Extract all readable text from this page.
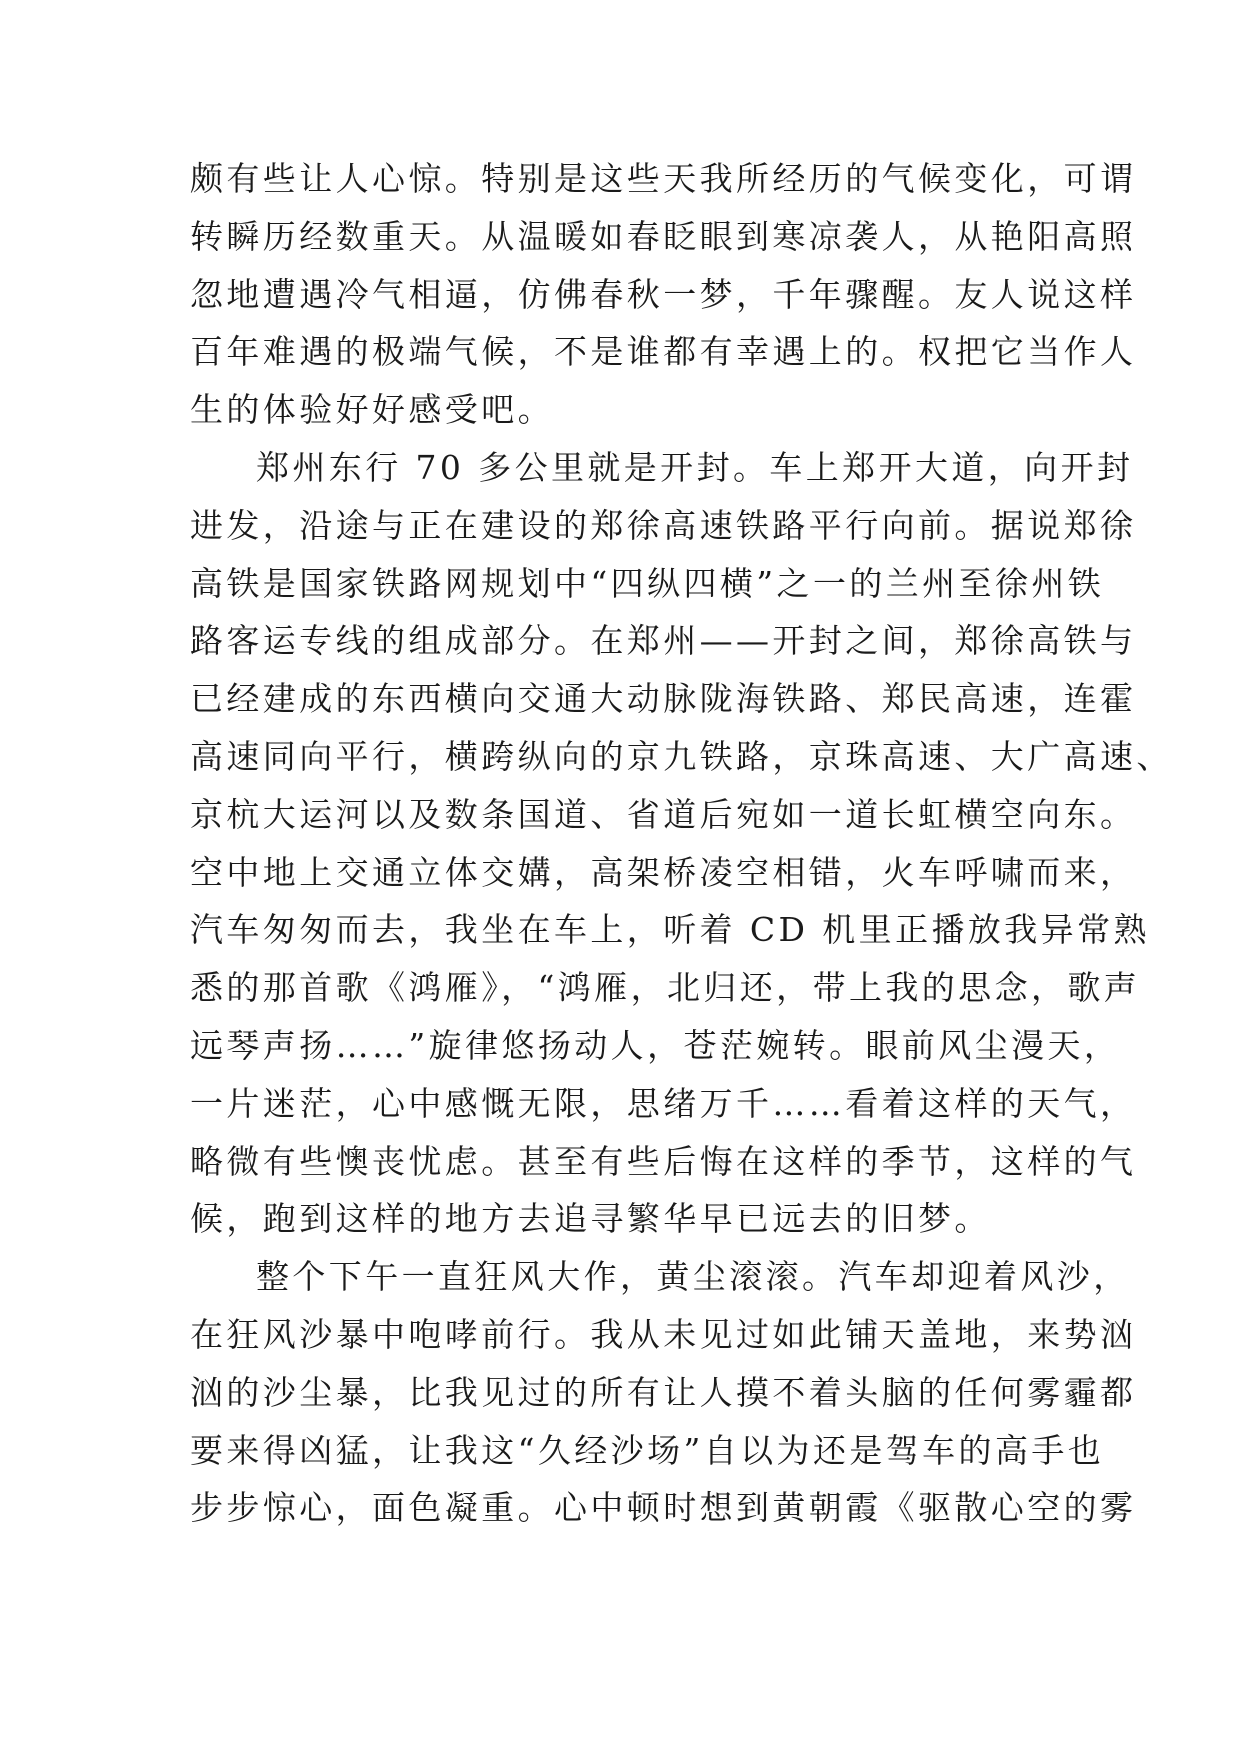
颇有些让人心惊。特别是这些天我所经历的气候变化，可谓
转瞬历经数重天。从温暖如春眨眼到寒凉袭人，从艳阳高照
忽地遭遇冷气相逼，仿佛春秋一梦，千年骤醒。友人说这样
百年难遇的极端气候，不是谁都有幸遇上的。权把它当作人
生的体验好好感受吧。
郑州东行 70 多公里就是开封。车上郑开大道，向开封
进发，沿途与正在建设的郑徐高速铁路平行向前。据说郑徐
高铁是国家铁路网规划中“四纵四横”之一的兰州至徐州铁
路客运专线的组成部分。在郑州——开封之间，郑徐高铁与
已经建成的东西横向交通大动脉陇海铁路、郑民高速，连霍
高速同向平行，横跨纵向的京九铁路，京珠高速、大广高速、
京杭大运河以及数条国道、省道后宛如一道长虹横空向东。
空中地上交通立体交媾，高架桥凌空相错，火车呼啸而来，
汽车匆匆而去，我坐在车上，听着 CD 机里正播放我异常熟
悉的那首歌《鸿雁》，“鸿雁，北归还，带上我的思念，歌声
远琴声扬……”旋律悠扬动人，苍茫婉转。眼前风尘漫天，
一片迷茫，心中感慨无限，思绪万千……看着这样的天气，
略微有些懊丧忧虑。甚至有些后悔在这样的季节，这样的气
候，跑到这样的地方去追寻繁华早已远去的旧梦。
整个下午一直狂风大作，黄尘滚滚。汽车却迎着风沙，
在狂风沙暴中咆哮前行。我从未见过如此铺天盖地，来势汹
汹的沙尘暴，比我见过的所有让人摸不着头脑的任何雾霾都
要来得凶猛，让我这“久经沙场”自以为还是驾车的高手也
步步惊心，面色凝重。心中顿时想到黄朝霞《驱散心空的雾
